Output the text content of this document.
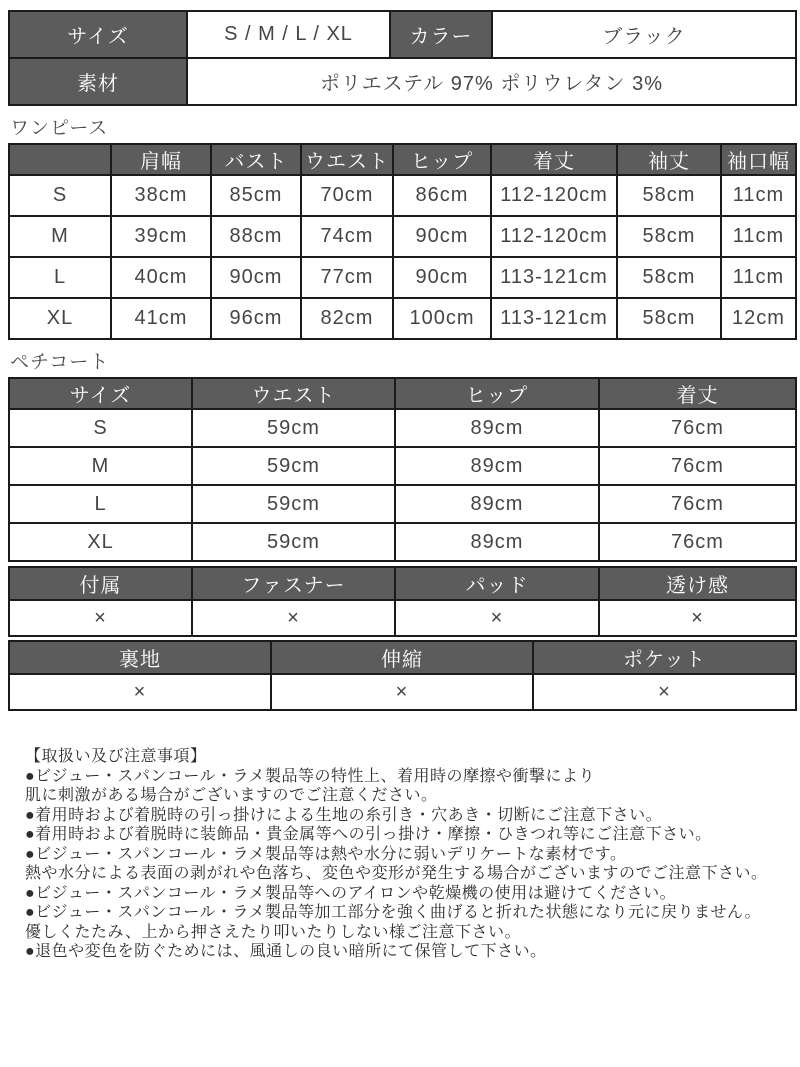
サイズ	S / M / L / XL	カラー	ブラック
素材	ポリエステル 97% ポリウレタン 3%		
ワンピース
	肩幅	バスト	ウエスト	ヒップ	着丈	袖丈	袖口幅
S	38cm	85cm	70cm	86cm	112-120cm	58cm	11cm
M	39cm	88cm	74cm	90cm	112-120cm	58cm	11cm
L	40cm	90cm	77cm	90cm	113-121cm	58cm	11cm
XL	41cm	96cm	82cm	100cm	113-121cm	58cm	12cm
ペチコート
サイズ	ウエスト	ヒップ	着丈
S	59cm	89cm	76cm
M	59cm	89cm	76cm
L	59cm	89cm	76cm
XL	59cm	89cm	76cm
付属	ファスナー	パッド	透け感
×	×	×	×
裏地	伸縮	ポケット
×	×	×
【取扱い及び注意事項】
●ビジュー・スパンコール・ラメ製品等の特性上、着用時の摩擦や衝撃により
肌に刺激がある場合がございますのでご注意ください。
●着用時および着脱時の引っ掛けによる生地の糸引き・穴あき・切断にご注意下さい。
●着用時および着脱時に装飾品・貴金属等への引っ掛け・摩擦・ひきつれ等にご注意下さい。
●ビジュー・スパンコール・ラメ製品等は熱や水分に弱いデリケートな素材です。
熱や水分による表面の剥がれや色落ち、変色や変形が発生する場合がございますのでご注意下さい。
●ビジュー・スパンコール・ラメ製品等へのアイロンや乾燥機の使用は避けてください。
●ビジュー・スパンコール・ラメ製品等加工部分を強く曲げると折れた状態になり元に戻りません。
優しくたたみ、上から押さえたり叩いたりしない様ご注意下さい。
●退色や変色を防ぐためには、風通しの良い暗所にて保管して下さい。
